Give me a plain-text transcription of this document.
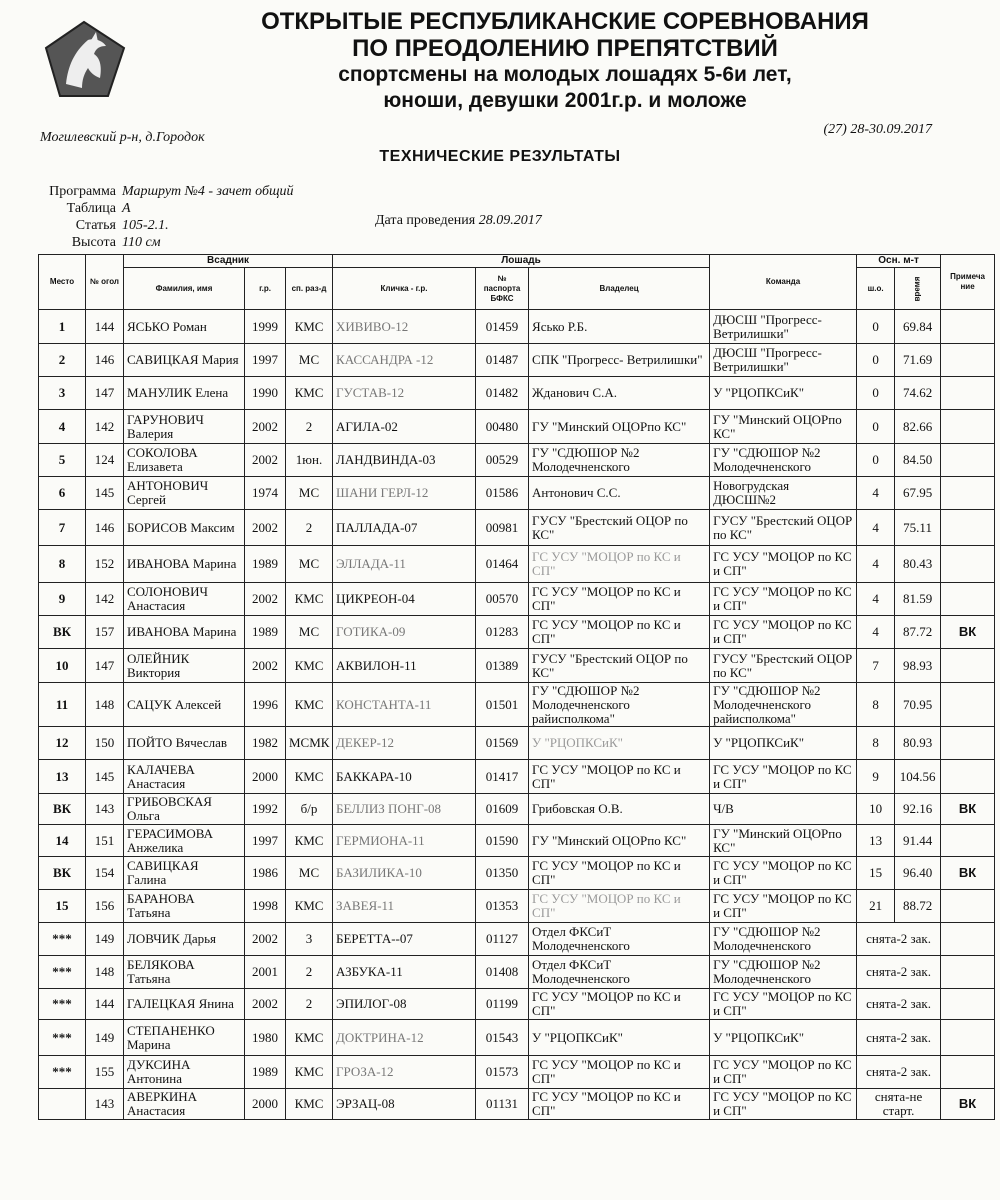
ОТКРЫТЫЕ РЕСПУБЛИКАНСКИЕ СОРЕВНОВАНИЯ
ПО ПРЕОДОЛЕНИЮ ПРЕПЯТСТВИЙ
спортсмены на молодых лошадях 5-6и лет,
юноши, девушки 2001г.р. и моложе
Могилевский р-н, д.Городок
(27) 28-30.09.2017
ТЕХНИЧЕСКИЕ РЕЗУЛЬТАТЫ
Программа Маршрут №4 - зачет общий
Таблица А
Статья 105-2.1.
Высота 110 см
Дата проведения 28.09.2017
Место	№ огол	Всадник			Лошадь			Команда	Осн. м-т		Примеча ние
		Фамилия, имя	г.р.	сп. раз-д	Кличка - г.р.	№ паспорта БФКС	Владелец		ш.о.	время	
1	144	ЯСЬКО Роман	1999	КМС	ХИВИВО-12	01459	Ясько Р.Б.	ДЮСШ "Прогресс-Ветрилишки"	0	69.84	
2	146	САВИЦКАЯ Мария	1997	МС	КАССАНДРА -12	01487	СПК "Прогресс- Ветрилишки"	ДЮСШ "Прогресс-Ветрилишки"	0	71.69	
3	147	МАНУЛИК Елена	1990	КМС	ГУСТАВ-12	01482	Жданович С.А.	У "РЦОПКСиК"	0	74.62	
4	142	ГАРУНОВИЧ Валерия	2002	2	АГИЛА-02	00480	ГУ "Минский ОЦОРпо КС"	ГУ "Минский ОЦОРпо КС"	0	82.66	
5	124	СОКОЛОВА Елизавета	2002	1юн.	ЛАНДВИНДА-03	00529	ГУ "СДЮШОР №2 Молодечненского	ГУ "СДЮШОР №2 Молодечненского	0	84.50	
6	145	АНТОНОВИЧ Сергей	1974	МС	ШАНИ ГЕРЛ-12	01586	Антонович С.С.	Новогрудская ДЮСШ№2	4	67.95	
7	146	БОРИСОВ Максим	2002	2	ПАЛЛАДА-07	00981	ГУСУ "Брестский ОЦОР по КС"	ГУСУ "Брестский ОЦОР по КС"	4	75.11	
8	152	ИВАНОВА Марина	1989	МС	ЭЛЛАДА-11	01464	ГС УСУ "МОЦОР по КС и СП"	ГС УСУ "МОЦОР по КС и СП"	4	80.43	
9	142	СОЛОНОВИЧ Анастасия	2002	КМС	ЦИКРЕОН-04	00570	ГС УСУ "МОЦОР по КС и СП"	ГС УСУ "МОЦОР по КС и СП"	4	81.59	
ВК	157	ИВАНОВА Марина	1989	МС	ГОТИКА-09	01283	ГС УСУ "МОЦОР по КС и СП"	ГС УСУ "МОЦОР по КС и СП"	4	87.72	ВК
10	147	ОЛЕЙНИК Виктория	2002	КМС	АКВИЛОН-11	01389	ГУСУ "Брестский ОЦОР по КС"	ГУСУ "Брестский ОЦОР по КС"	7	98.93	
11	148	САЦУК Алексей	1996	КМС	КОНСТАНТА-11	01501	ГУ "СДЮШОР №2 Молодечненского райисполкома"	ГУ "СДЮШОР №2 Молодечненского райисполкома"	8	70.95	
12	150	ПОЙТО Вячеслав	1982	МСМК	ДЕКЕР-12	01569	У "РЦОПКСиК"	У "РЦОПКСиК"	8	80.93	
13	145	КАЛАЧЕВА Анастасия	2000	КМС	БАККАРА-10	01417	ГС УСУ "МОЦОР по КС и СП"	ГС УСУ "МОЦОР по КС и СП"	9	104.56	
ВК	143	ГРИБОВСКАЯ Ольга	1992	б/р	БЕЛЛИЗ ПОНГ-08	01609	Грибовская О.В.	Ч/В	10	92.16	ВК
14	151	ГЕРАСИМОВА Анжелика	1997	КМС	ГЕРМИОНА-11	01590	ГУ "Минский ОЦОРпо КС"	ГУ "Минский ОЦОРпо КС"	13	91.44	
ВК	154	САВИЦКАЯ Галина	1986	МС	БАЗИЛИКА-10	01350	ГС УСУ "МОЦОР по КС и СП"	ГС УСУ "МОЦОР по КС и СП"	15	96.40	ВК
15	156	БАРАНОВА Татьяна	1998	КМС	ЗАВЕЯ-11	01353	ГС УСУ "МОЦОР по КС и СП"	ГС УСУ "МОЦОР по КС и СП"	21	88.72	
***	149	ЛОВЧИК Дарья	2002	3	БЕРЕТТА--07	01127	Отдел ФКСиТ Молодечненского	ГУ "СДЮШОР №2 Молодечненского	снята-2 зак.		
***	148	БЕЛЯКОВА Татьяна	2001	2	АЗБУКА-11	01408	Отдел ФКСиТ Молодечненского	ГУ "СДЮШОР №2 Молодечненского	снята-2 зак.		
***	144	ГАЛЕЦКАЯ Янина	2002	2	ЭПИЛОГ-08	01199	ГС УСУ "МОЦОР по КС и СП"	ГС УСУ "МОЦОР по КС и СП"	снята-2 зак.		
***	149	СТЕПАНЕНКО Марина	1980	КМС	ДОКТРИНА-12	01543	У "РЦОПКСиК"	У "РЦОПКСиК"	снята-2 зак.		
***	155	ДУКСИНА Антонина	1989	КМС	ГРОЗА-12	01573	ГС УСУ "МОЦОР по КС и СП"	ГС УСУ "МОЦОР по КС и СП"	снята-2 зак.		
	143	АВЕРКИНА Анастасия	2000	КМС	ЭРЗАЦ-08	01131	ГС УСУ "МОЦОР по КС и СП"	ГС УСУ "МОЦОР по КС и СП"	снята-не старт.		ВК
